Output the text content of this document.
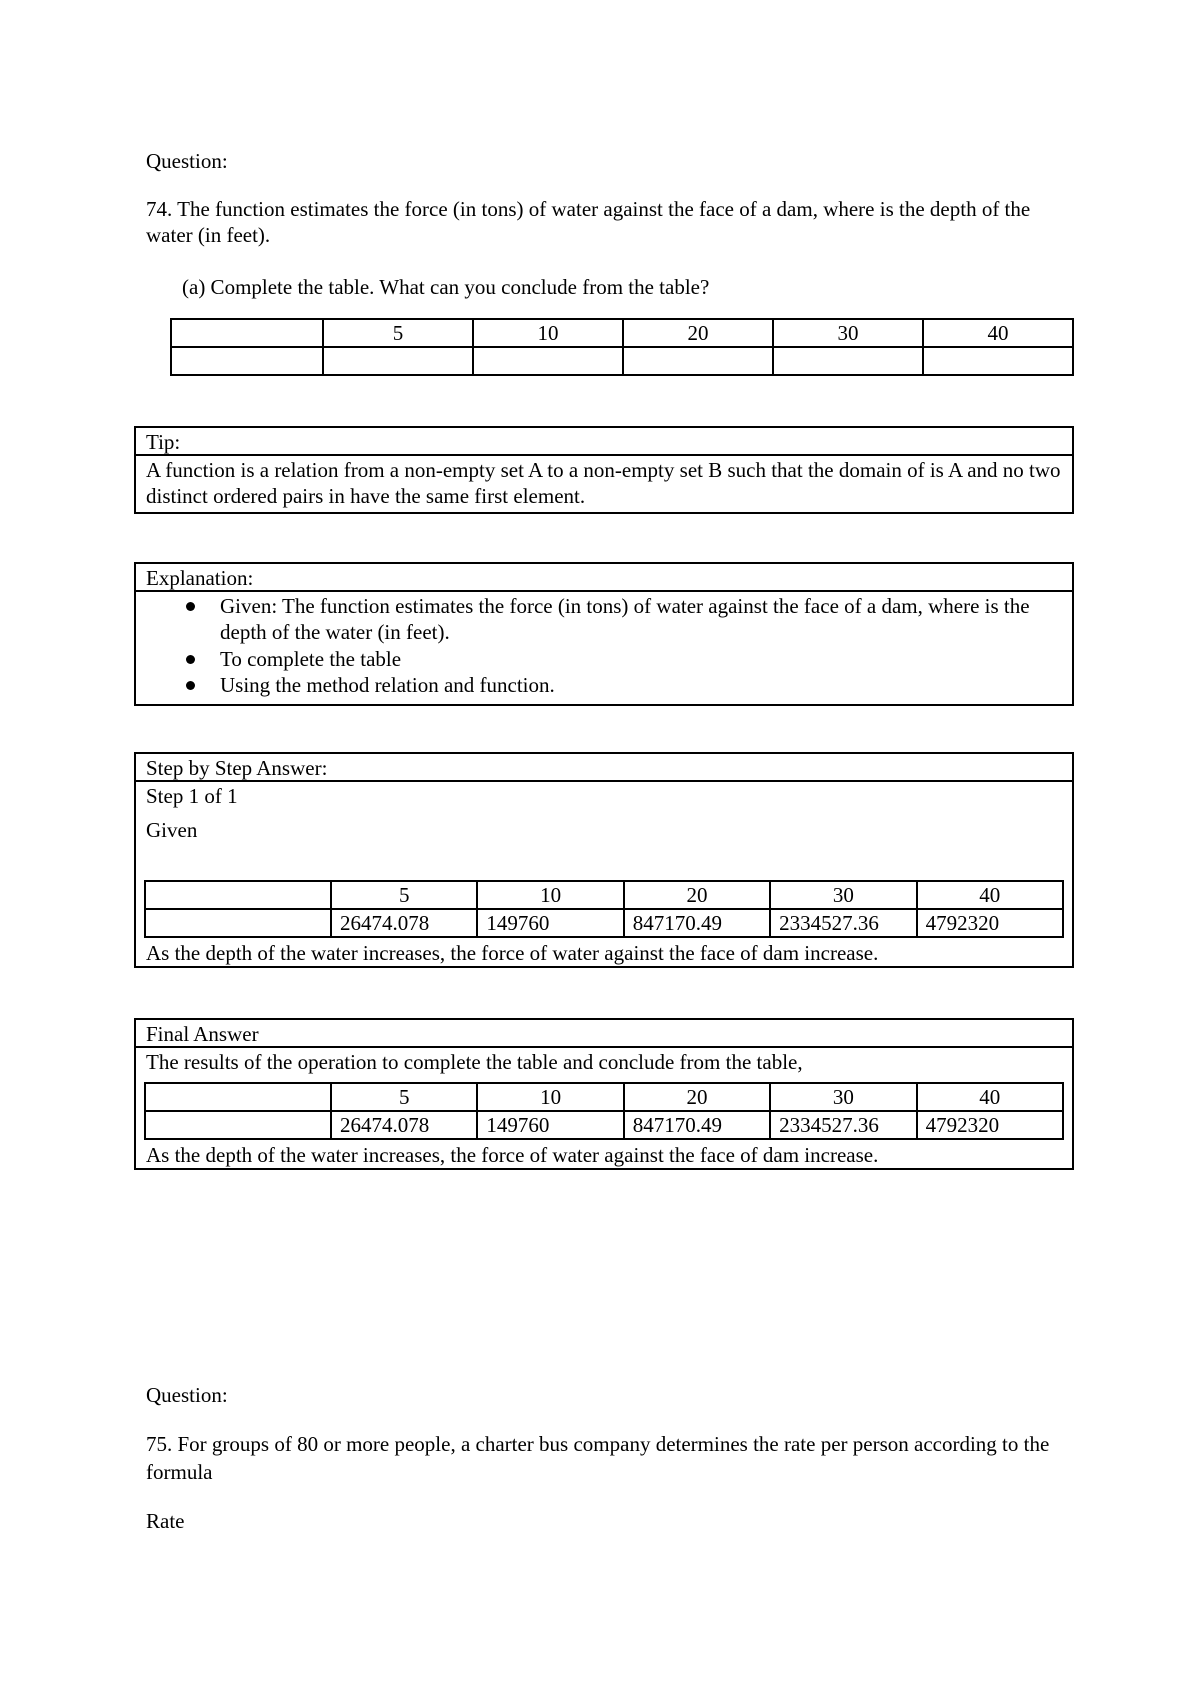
Question:

74. The function estimates the force (in tons) of water against the face of a dam, where is the depth of the water (in feet).

(a) Complete the table. What can you conclude from the table?

	5	10	20	30	40

Tip:
A function is a relation from a non-empty set A to a non-empty set B such that the domain of is A and no two distinct ordered pairs in have the same first element.
Explanation:
Given: The function estimates the force (in tons) of water against the face of a dam, where is the depth of the water (in feet).
To complete the table
Using the method relation and function.
Step by Step Answer:

Step 1 of 1

Given

	5	10	20	30	40
	26474.078	149760	847170.49	2334527.36	4792320

As the depth of the water increases, the force of water against the face of dam increase.

Final Answer
The results of the operation to complete the table and conclude from the table,
	5	10	20	30	40
	26474.078	149760	847170.49	2334527.36	4792320

As the depth of the water increases, the force of water against the face of dam increase.

Question:

75. For groups of 80 or more people, a charter bus company determines the rate per person according to the formula

Rate
